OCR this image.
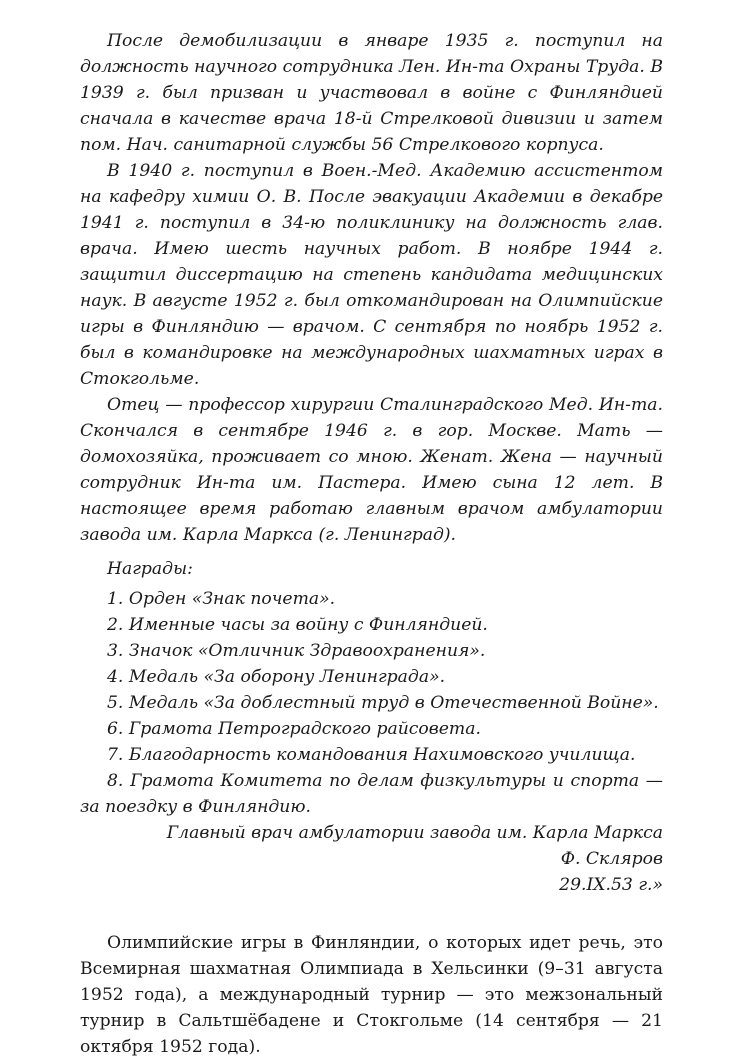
После демобилизации в январе 1935 г. поступил на должность научного сотрудника Лен. Ин-та Охраны Труда. В 1939 г. был призван и участвовал в войне с Финляндией сначала в качестве врача 18-й Стрелковой дивизии и затем пом. Нач. санитарной службы 56 Стрелкового корпуса.

В 1940 г. поступил в Воен.-Мед. Академию ассистентом на кафедру химии О. В. После эвакуации Академии в декабре 1941 г. поступил в 34-ю поликлинику на должность глав. врача. Имею шесть научных работ. В ноябре 1944 г. защитил диссертацию на степень кандидата медицинских наук. В августе 1952 г. был откомандирован на Олимпийские игры в Финляндию — врачом. С сентября по ноябрь 1952 г. был в командировке на международных шахматных играх в Стокгольме.

Отец — профессор хирургии Сталинградского Мед. Ин-та. Скончался в сентябре 1946 г. в гор. Москве. Мать — домохозяйка, проживает со мною. Женат. Жена — научный сотрудник Ин-та им. Пастера. Имею сына 12 лет. В настоящее время работаю главным врачом амбулатории завода им. Карла Маркса (г. Ленинград).

Награды:

1. Орден «Знак почета».
2. Именные часы за войну с Финляндией.
3. Значок «Отличник Здравоохранения».
4. Медаль «За оборону Ленинграда».
5. Медаль «За доблестный труд в Отечественной Войне».
6. Грамота Петроградского райсовета.
7. Благодарность командования Нахимовского училища.
8. Грамота Комитета по делам физкультуры и спорта — за поездку в Финляндию.
Главный врач амбулатории завода им. Карла Маркса
Ф. Скляров
29.IX.53 г.»

Олимпийские игры в Финляндии, о которых идет речь, это Всемирная шахматная Олимпиада в Хельсинки (9–31 августа 1952 года), а международный турнир — это межзональный турнир в Сальтшёбадене и Стокгольме (14 сентября — 21 октября 1952 года).
